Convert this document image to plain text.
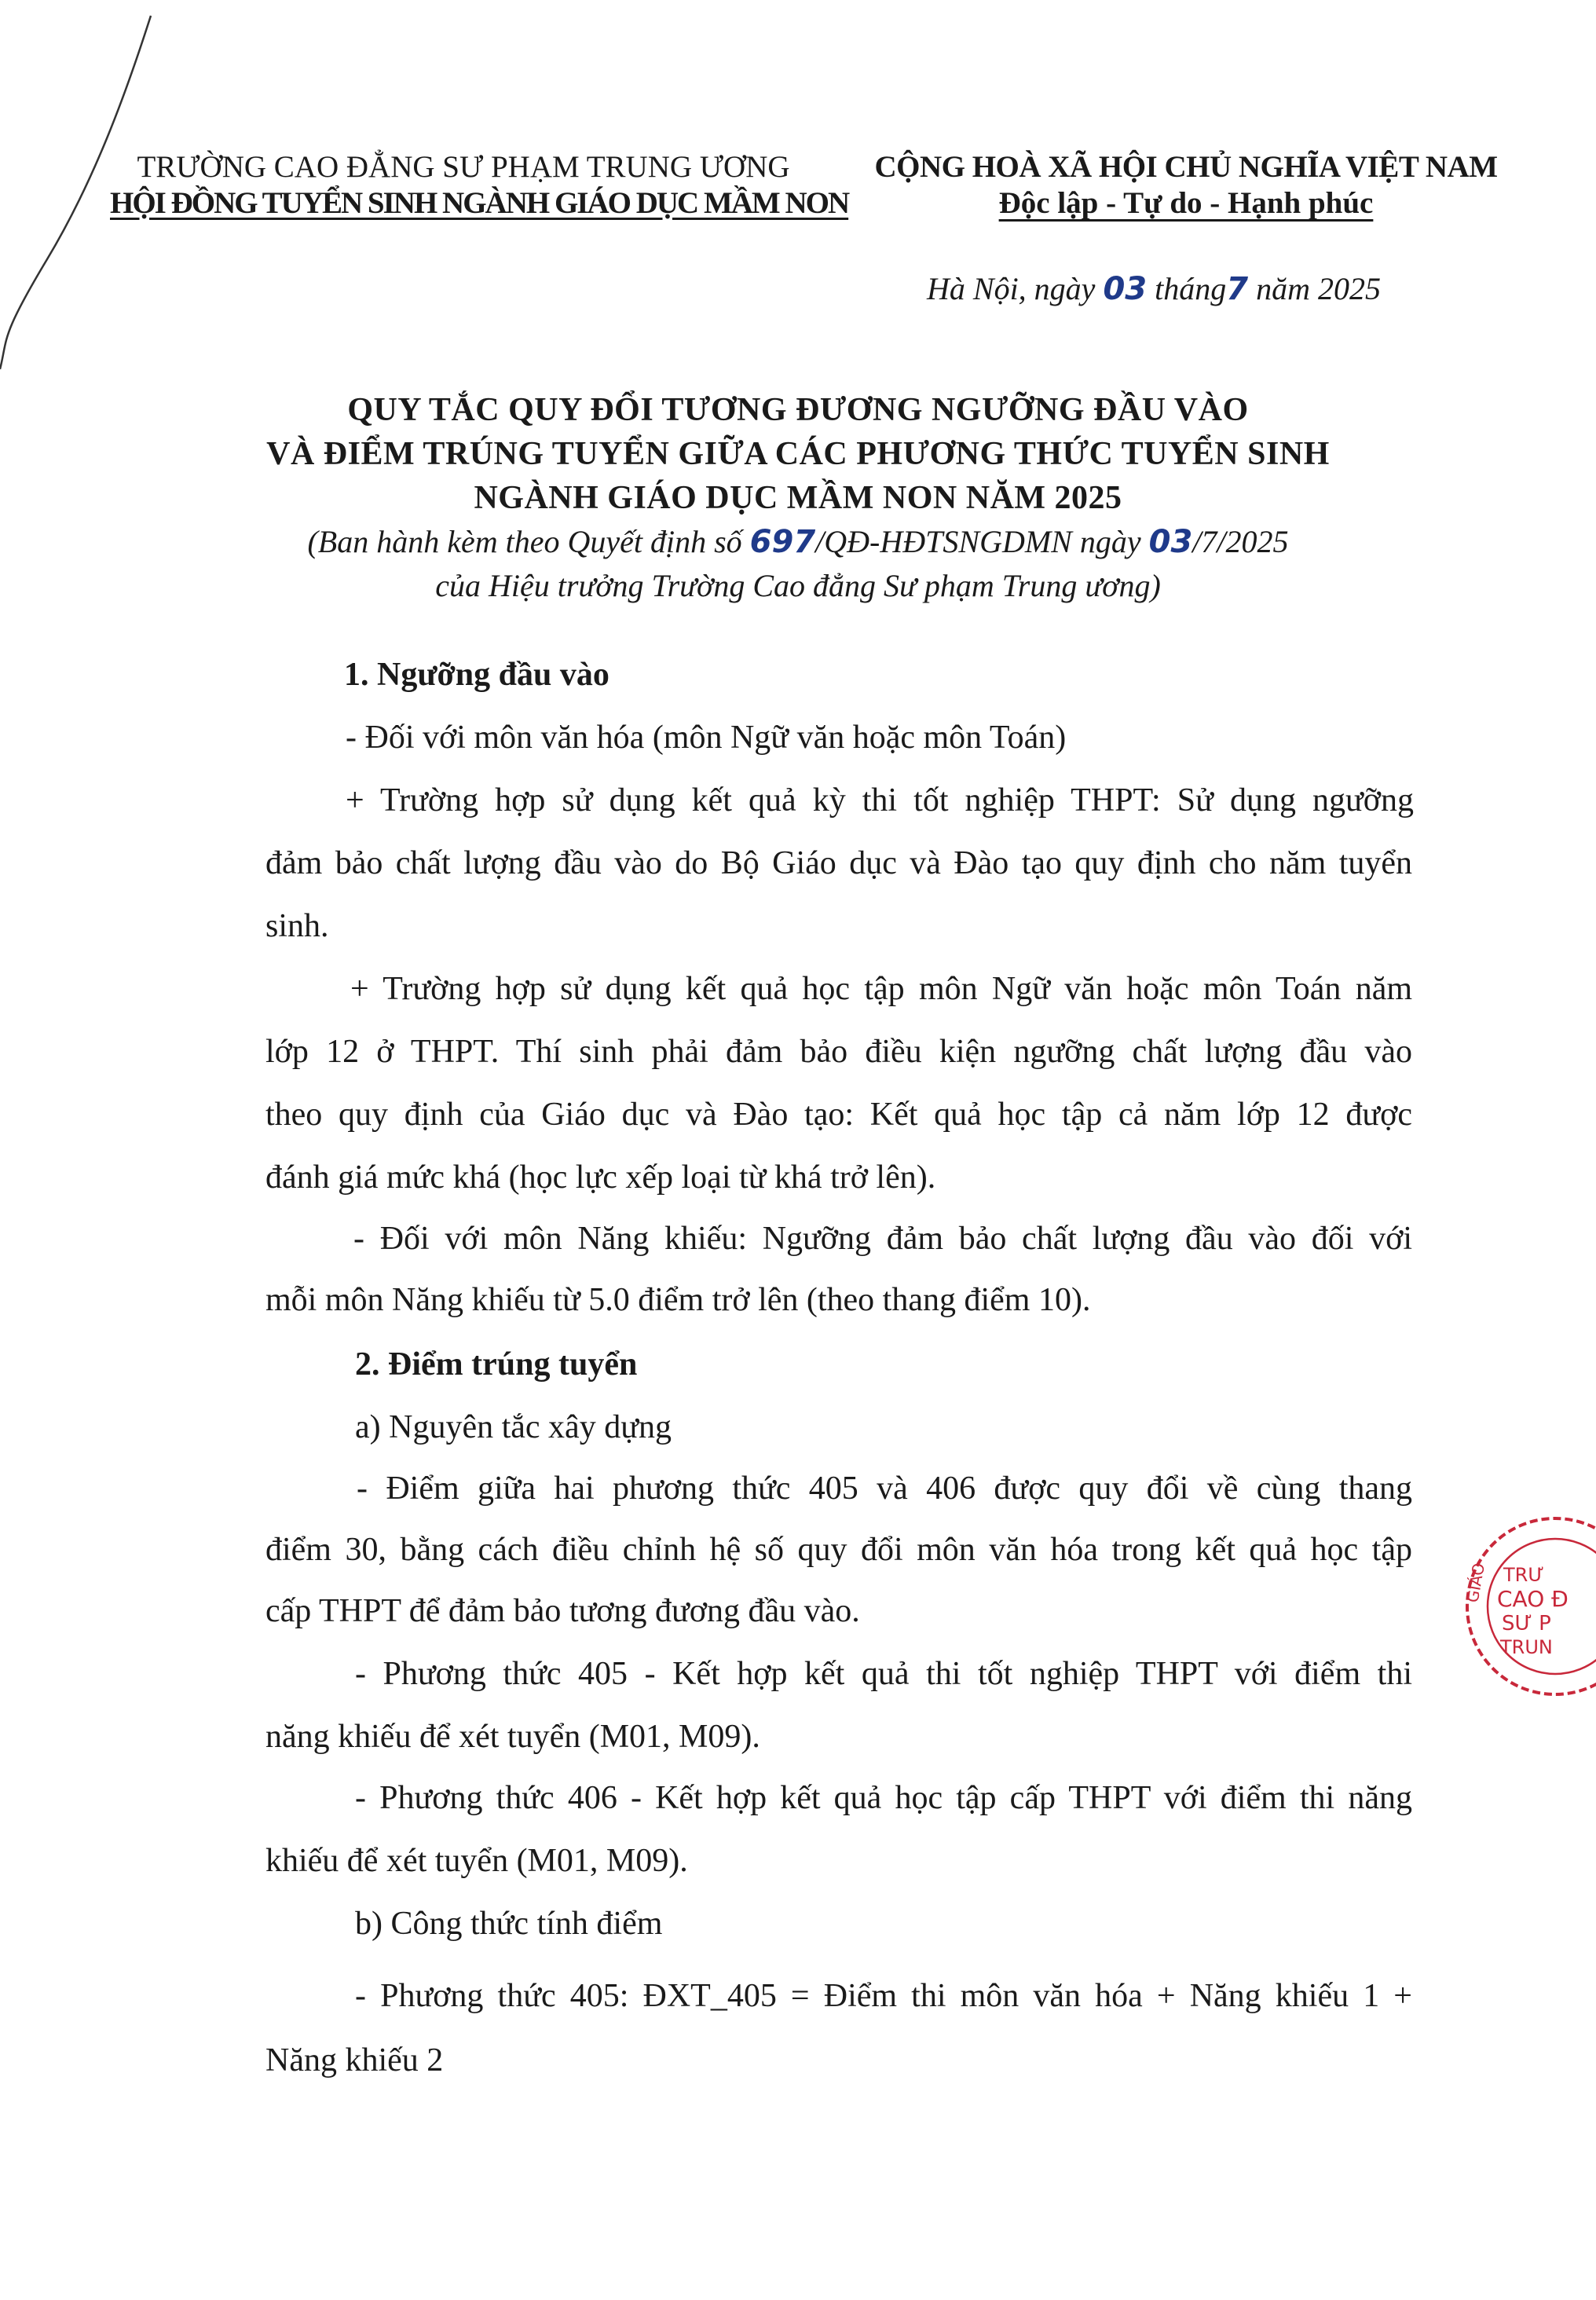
TRƯỜNG CAO ĐẲNG SƯ PHẠM TRUNG ƯƠNG
HỘI ĐỒNG TUYỂN SINH NGÀNH GIÁO DỤC MẦM NON
CỘNG HOÀ XÃ HỘI CHỦ NGHĨA VIỆT NAM
Độc lập - Tự do - Hạnh phúc
Hà Nội, ngày 03 tháng7 năm 2025
QUY TẮC QUY ĐỔI TƯƠNG ĐƯƠNG NGƯỠNG ĐẦU VÀO
VÀ ĐIỂM TRÚNG TUYỂN GIỮA CÁC PHƯƠNG THỨC TUYỂN SINH
NGÀNH GIÁO DỤC MẦM NON NĂM 2025
(Ban hành kèm theo Quyết định số 697/QĐ-HĐTSNGDMN ngày 03/7/2025
của Hiệu trưởng Trường Cao đẳng Sư phạm Trung ương)
1. Ngưỡng đầu vào
- Đối với môn văn hóa (môn Ngữ văn hoặc môn Toán)
+ Trường hợp sử dụng kết quả kỳ thi tốt nghiệp THPT: Sử dụng ngưỡng
đảm bảo chất lượng đầu vào do Bộ Giáo dục và Đào tạo quy định cho năm tuyển
sinh.
+ Trường hợp sử dụng kết quả học tập môn Ngữ văn hoặc môn Toán năm
lớp 12 ở THPT. Thí sinh phải đảm bảo điều kiện ngưỡng chất lượng đầu vào
theo quy định của Giáo dục và Đào tạo: Kết quả học tập cả năm lớp 12 được
đánh giá mức khá (học lực xếp loại từ khá trở lên).
- Đối với môn Năng khiếu: Ngưỡng đảm bảo chất lượng đầu vào đối với
mỗi môn Năng khiếu từ 5.0 điểm trở lên (theo thang điểm 10).
2. Điểm trúng tuyển
a) Nguyên tắc xây dựng
- Điểm giữa hai phương thức 405 và 406 được quy đổi về cùng thang
điểm 30, bằng cách điều chỉnh hệ số quy đổi môn văn hóa trong kết quả học tập
cấp THPT để đảm bảo tương đương đầu vào.
- Phương thức 405 - Kết hợp kết quả thi tốt nghiệp THPT với điểm thi
năng khiếu để xét tuyển (M01, M09).
- Phương thức 406 - Kết hợp kết quả học tập cấp THPT với điểm thi năng
khiếu để xét tuyển (M01, M09).
b) Công thức tính điểm
- Phương thức 405: ĐXT_405 = Điểm thi môn văn hóa + Năng khiếu 1 +
Năng khiếu 2
TRƯ
CAO Đ
SƯ P
TRUN
GIÁO
